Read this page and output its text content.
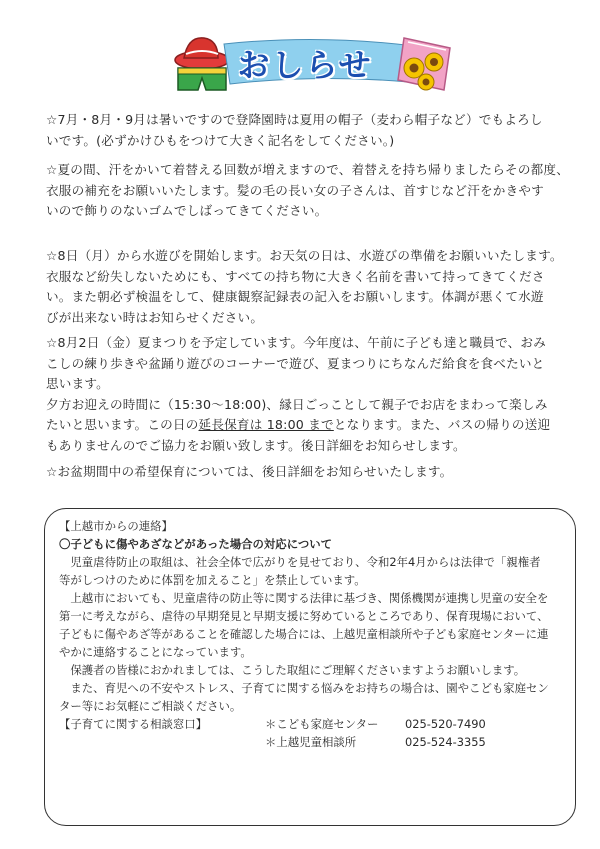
おしらせ
☆7月・8月・9月は暑いですので登降園時は夏用の帽子（麦わら帽子など）でもよろし
いです。(必ずかけひもをつけて大きく記名をしてください。)
☆夏の間、汗をかいて着替える回数が増えますので、着替えを持ち帰りましたらその都度、
衣服の補充をお願いいたします。髪の毛の長い女の子さんは、首すじなど汗をかきやす
いので飾りのないゴムでしばってきてください。
☆8日（月）から水遊びを開始します。お天気の日は、水遊びの準備をお願いいたします。
衣服など紛失しないためにも、すべての持ち物に大きく名前を書いて持ってきてくださ
い。また朝必ず検温をして、健康観察記録表の記入をお願いします。体調が悪くて水遊
びが出来ない時はお知らせください。
☆8月2日（金）夏まつりを予定しています。今年度は、午前に子ども達と職員で、おみ
こしの練り歩きや盆踊り遊びのコーナーで遊び、夏まつりにちなんだ給食を食べたいと
思います。
夕方お迎えの時間に（15:30～18:00)、縁日ごっことして親子でお店をまわって楽しみ
たいと思います。この日の延長保育は 18:00 までとなります。また、バスの帰りの送迎
もありませんのでご協力をお願い致します。後日詳細をお知らせします。
☆お盆期間中の希望保育については、後日詳細をお知らせいたします。
【上越市からの連絡】
〇子どもに傷やあざなどがあった場合の対応について
　児童虐待防止の取組は、社会全体で広がりを見せており、令和2年4月からは法律で「親権者
等がしつけのために体罰を加えること」を禁止しています。
　上越市においても、児童虐待の防止等に関する法律に基づき、関係機関が連携し児童の安全を
第一に考えながら、虐待の早期発見と早期支援に努めているところであり、保育現場において、
子どもに傷やあざ等があることを確認した場合には、上越児童相談所や子ども家庭センターに連
やかに連絡することになっています。
　保護者の皆様におかれましては、こうした取組にご理解くださいますようお願いします。
　また、育児への不安やストレス、子育てに関する悩みをお持ちの場合は、園やこども家庭セン
ター等にお気軽にご相談ください。
【子育てに関する相談窓口】	＊こども家庭センター 025-520-7490
＊上越児童相談所	025-524-3355
